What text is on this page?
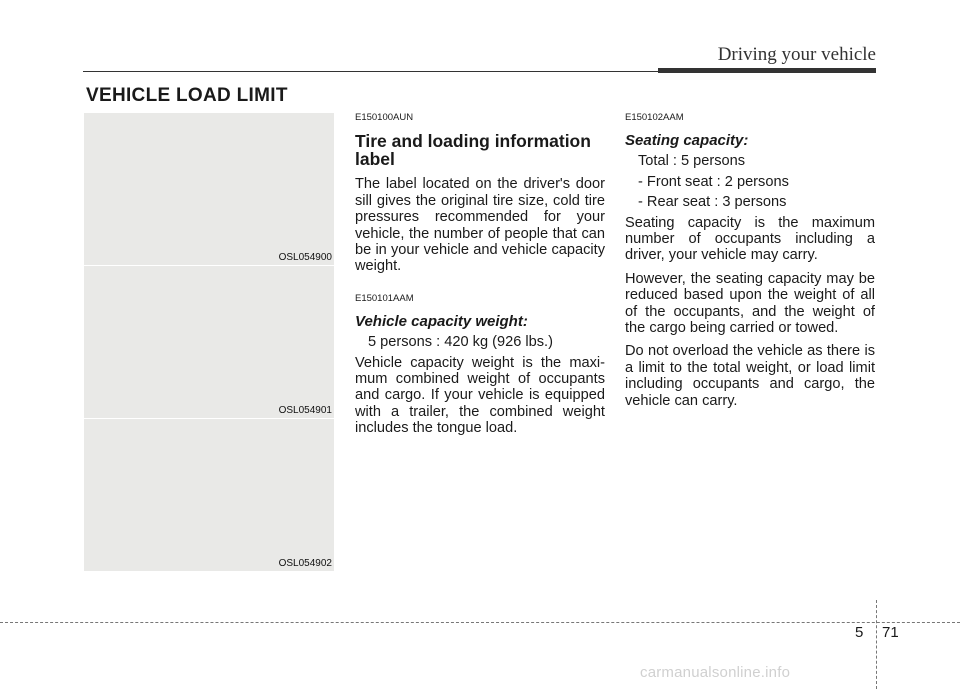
Driving your vehicle
VEHICLE LOAD LIMIT
OSL054900
OSL054901
OSL054902
E150100AUN
Tire and loading information label
The label located on the driver's door sill gives the original tire size, cold tire pressures recommended for your vehicle, the number of people that can be in your vehicle and vehicle capacity weight.
E150101AAM
Vehicle capacity weight:
5 persons : 420 kg (926 lbs.)
Vehicle capacity weight is the maxi-mum combined weight of occupants and cargo. If your vehicle is equipped with a trailer, the combined weight includes the tongue load.
E150102AAM
Seating capacity:
Total : 5 persons
- Front seat : 2 persons
- Rear seat : 3 persons
Seating capacity is the maximum number of occupants including a driver, your vehicle may carry.
However, the seating capacity may be reduced based upon the weight of all of the occupants, and the weight of the cargo being carried or towed.
Do not overload the vehicle as there is a limit to the total weight, or load limit including occupants and cargo, the vehicle can carry.
5 71
carmanualsonline.info
